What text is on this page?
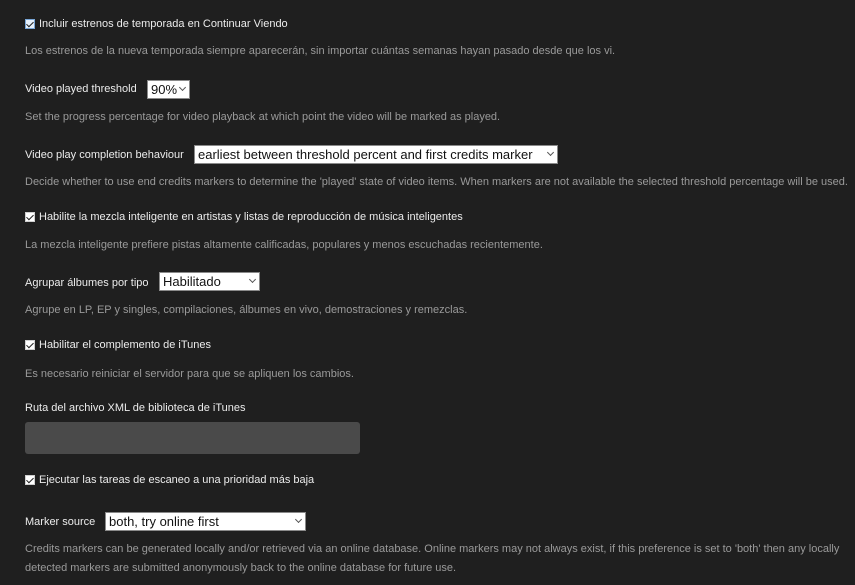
Incluir estrenos de temporada en Continuar Viendo
Los estrenos de la nueva temporada siempre aparecerán, sin importar cuántas semanas hayan pasado desde que los vi.
Video played threshold	90%
Set the progress percentage for video playback at which point the video will be marked as played.
Video play completion behaviour	earliest between threshold percent and first credits marker
Decide whether to use end credits markers to determine the 'played' state of video items. When markers are not available the selected threshold percentage will be used.
Habilite la mezcla inteligente en artistas y listas de reproducción de música inteligentes
La mezcla inteligente prefiere pistas altamente calificadas, populares y menos escuchadas recientemente.
Agrupar álbumes por tipo	Habilitado
Agrupe en LP, EP y singles, compilaciones, álbumes en vivo, demostraciones y remezclas.
Habilitar el complemento de iTunes
Es necesario reiniciar el servidor para que se apliquen los cambios.
Ruta del archivo XML de biblioteca de iTunes
Ejecutar las tareas de escaneo a una prioridad más baja
Marker source	both, try online first
Credits markers can be generated locally and/or retrieved via an online database. Online markers may not always exist, if this preference is set to 'both' then any locally
detected markers are submitted anonymously back to the online database for future use.
